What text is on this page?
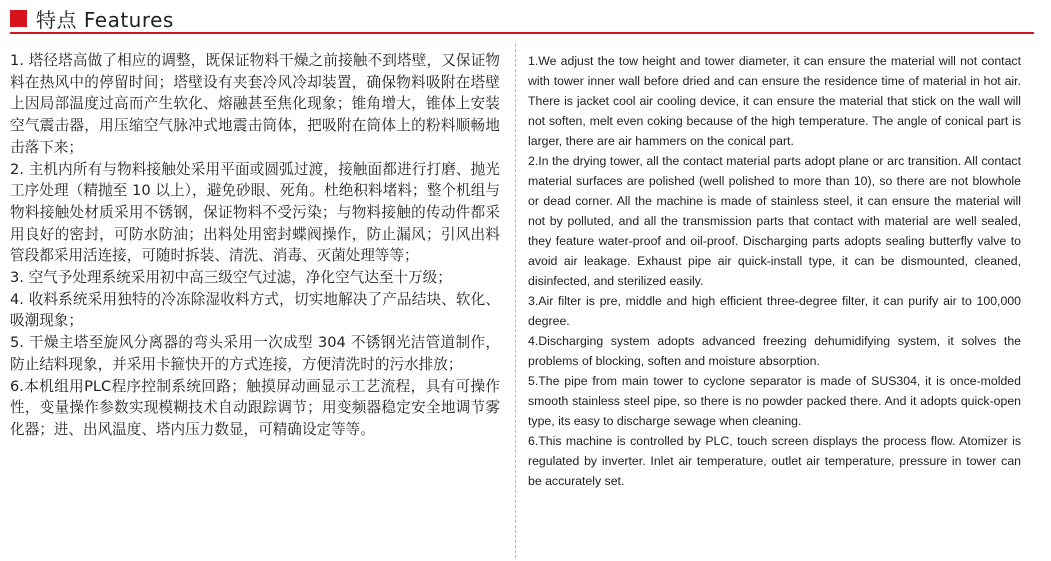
特点 Features

1. 塔径塔高做了相应的调整，既保证物料干燥之前接触不到塔壁，又保证物料在热风中的停留时间；塔壁设有夹套冷风冷却装置，确保物料吸附在塔壁上因局部温度过高而产生软化、熔融甚至焦化现象；锥角增大，锥体上安装空气震击器，用压缩空气脉冲式地震击筒体，把吸附在筒体上的粉料顺畅地击落下来；

2. 主机内所有与物料接触处采用平面或圆弧过渡，接触面都进行打磨、抛光工序处理（精抛至 10 以上），避免砂眼、死角。杜绝积料堵料；整个机组与物料接触处材质采用不锈钢，保证物料不受污染；与物料接触的传动件都采用良好的密封，可防水防油；出料处用密封蝶阀操作，防止漏风；引风出料管段都采用活连接，可随时拆装、清洗、消毒、灭菌处理等等；

3. 空气予处理系统采用初中高三级空气过滤，净化空气达至十万级；

4. 收料系统采用独特的冷冻除湿收料方式，切实地解决了产品结块、软化、吸潮现象；

5. 干燥主塔至旋风分离器的弯头采用一次成型 304 不锈钢光洁管道制作，防止结料现象，并采用卡箍快开的方式连接，方便清洗时的污水排放；

6.本机组用PLC程序控制系统回路；触摸屏动画显示工艺流程，具有可操作性，变量操作参数实现模糊技术自动跟踪调节；用变频器稳定安全地调节雾化器；进、出风温度、塔内压力数显，可精确设定等等。

1.We adjust the tow height and tower diameter, it can ensure the material will not contact with tower inner wall before dried and can ensure the residence time of material in hot air. There is jacket cool air cooling device, it can ensure the material that stick on the wall will not soften, melt even coking because of the high temperature. The angle of conical part is larger, there are air hammers on the conical part.

2.In the drying tower, all the contact material parts adopt plane or arc transition. All contact material surfaces are polished (well polished to more than 10), so there are not blowhole or dead corner. All the machine is made of stainless steel, it can ensure the material will not by polluted, and all the transmission parts that contact with material are well sealed, they feature water-proof and oil-proof. Discharging parts adopts sealing butterfly valve to avoid air leakage. Exhaust pipe air quick-install type, it can be dismounted, cleaned, disinfected, and sterilized easily.

3.Air filter is pre, middle and high efficient three-degree filter, it can purify air to 100,000 degree.

4.Discharging system adopts advanced freezing dehumidifying system, it solves the problems of blocking, soften and moisture absorption.

5.The pipe from main tower to cyclone separator is made of SUS304, it is once-molded smooth stainless steel pipe, so there is no powder packed there. And it adopts quick-open type, its easy to discharge sewage when cleaning.

6.This machine is controlled by PLC, touch screen displays the process flow. Atomizer is regulated by inverter. Inlet air temperature, outlet air temperature, pressure in tower can be accurately set.
